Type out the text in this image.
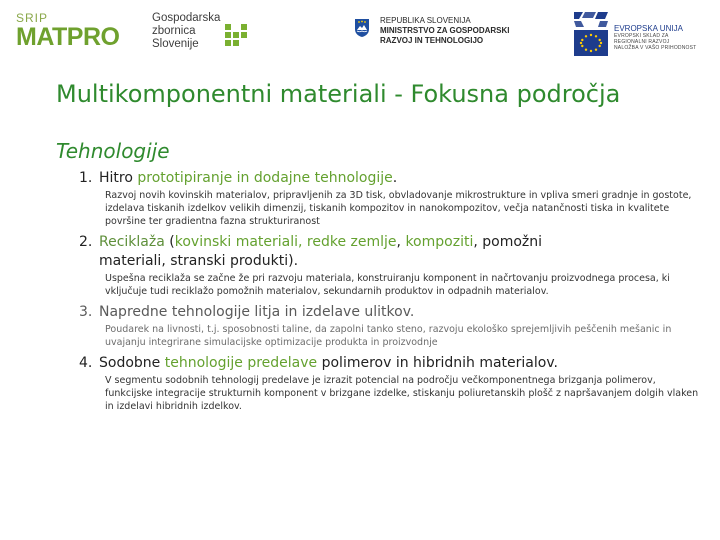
SRIP
MATPRO
Gospodarska
zbornica
Slovenije
REPUBLIKA SLOVENIJA
MINISTRSTVO ZA GOSPODARSKI
RAZVOJ IN TEHNOLOGIJO
EVROPSKA UNIJA
EVROPSKI SKLAD ZA
REGIONALNI RAZVOJ
NALOŽBA V VAŠO PRIHODNOST
Multikomponentni materiali - Fokusna področja
Tehnologije
1. Hitro prototipiranje in dodajne tehnologije.
Razvoj novih kovinskih materialov, pripravljenih za 3D tisk, obvladovanje mikrostrukture in vpliva smeri gradnje in gostote, izdelava tiskanih izdelkov velikih dimenzij, tiskanih kompozitov in nanokompozitov, večja natančnosti tiska in kvalitete površine ter gradientna fazna strukturiranost
2. Reciklaža (kovinski materiali, redke zemlje, kompoziti, pomožni
materiali, stranski produkti).
Uspešna reciklaža se začne že pri razvoju materiala, konstruiranju komponent in načrtovanju proizvodnega procesa, ki vključuje tudi reciklažo pomožnih materialov, sekundarnih produktov in odpadnih materialov.
3. Napredne tehnologije litja in izdelave ulitkov.
Poudarek na livnosti, t.j. sposobnosti taline, da zapolni tanko steno, razvoju ekološko sprejemljivih peščenih mešanic in uvajanju integrirane simulacijske optimizacije produkta in proizvodnje
4. Sodobne tehnologije predelave polimerov in hibridnih materialov.
V segmentu sodobnih tehnologij predelave je izrazit potencial na področju večkomponentnega brizganja polimerov, funkcijske integracije strukturnih komponent v brizgane izdelke, stiskanju poliuretanskih plošč z napršavanjem dolgih vlaken in izdelavi hibridnih izdelkov.
